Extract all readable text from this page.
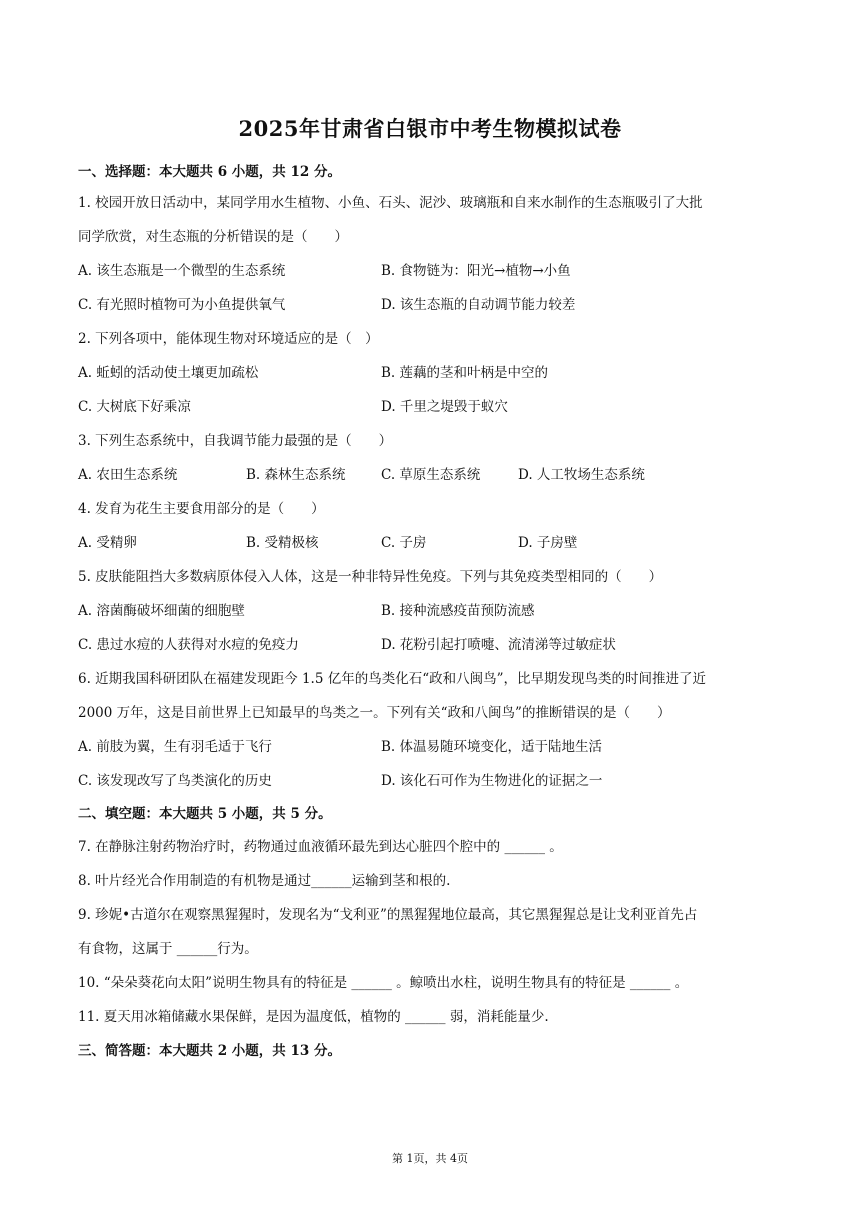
2025年甘肃省白银市中考生物模拟试卷
一、选择题：本大题共 6 小题，共 12 分。
1. 校园开放日活动中，某同学用水生植物、小鱼、石头、泥沙、玻璃瓶和自来水制作的生态瓶吸引了大批
同学欣赏，对生态瓶的分析错误的是（　　）
A. 该生态瓶是一个微型的生态系统	B. 食物链为：阳光→植物→小鱼
C. 有光照时植物可为小鱼提供氧气	D. 该生态瓶的自动调节能力较差
2. 下列各项中，能体现生物对环境适应的是（　）
A. 蚯蚓的活动使土壤更加疏松	B. 莲藕的茎和叶柄是中空的
C. 大树底下好乘凉	D. 千里之堤毁于蚁穴
3. 下列生态系统中，自我调节能力最强的是（　　）
A. 农田生态系统	B. 森林生态系统	C. 草原生态系统	D. 人工牧场生态系统
4. 发育为花生主要食用部分的是（　　）
A. 受精卵	B. 受精极核	C. 子房	D. 子房壁
5. 皮肤能阻挡大多数病原体侵入人体，这是一种非特异性免疫。下列与其免疫类型相同的（　　）
A. 溶菌酶破坏细菌的细胞壁	B. 接种流感疫苗预防流感
C. 患过水痘的人获得对水痘的免疫力	D. 花粉引起打喷嚏、流清涕等过敏症状
6. 近期我国科研团队在福建发现距今 1.5 亿年的鸟类化石“政和八闽鸟”，比早期发现鸟类的时间推进了近
2000 万年，这是目前世界上已知最早的鸟类之一。下列有关“政和八闽鸟”的推断错误的是（　　）
A. 前肢为翼，生有羽毛适于飞行	B. 体温易随环境变化，适于陆地生活
C. 该发现改写了鸟类演化的历史	D. 该化石可作为生物进化的证据之一
二、填空题：本大题共 5 小题，共 5 分。
7. 在静脉注射药物治疗时，药物通过血液循环最先到达心脏四个腔中的 ______ 。
8. 叶片经光合作用制造的有机物是通过______运输到茎和根的.
9. 珍妮•古道尔在观察黑猩猩时，发现名为“戈利亚”的黑猩猩地位最高，其它黑猩猩总是让戈利亚首先占
有食物，这属于 ______行为。
10. “朵朵葵花向太阳”说明生物具有的特征是 ______ 。鲸喷出水柱，说明生物具有的特征是 ______ 。
11. 夏天用冰箱储藏水果保鲜，是因为温度低，植物的 ______ 弱，消耗能量少.
三、简答题：本大题共 2 小题，共 13 分。
第 1页，共 4页
